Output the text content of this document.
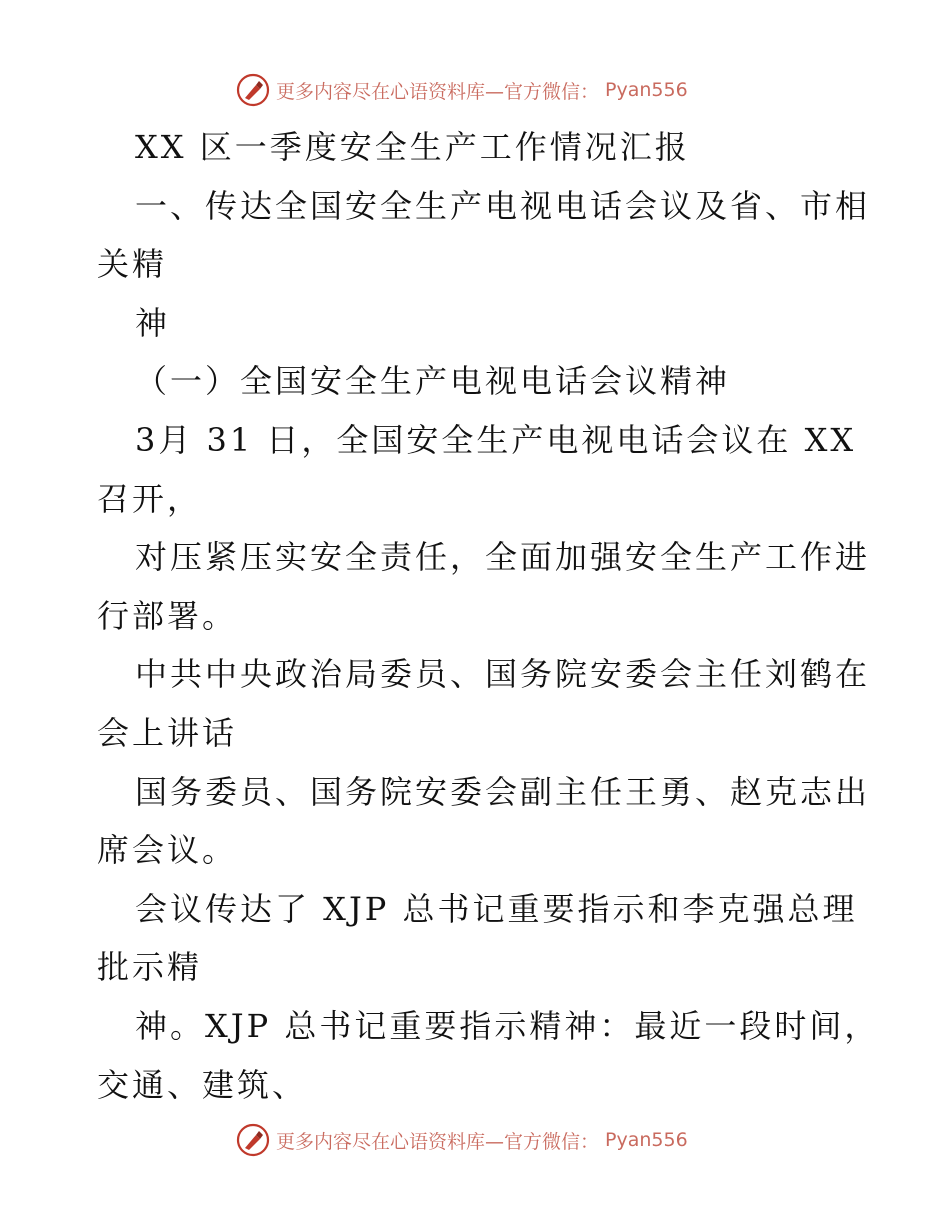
更多内容尽在心语资料库—官方微信： Pyan556

XX 区一季度安全生产工作情况汇报

一、传达全国安全生产电视电话会议及省、市相

关精

神

（一）全国安全生产电视电话会议精神

3月 31 日，全国安全生产电视电话会议在 XX

召开，

对压紧压实安全责任，全面加强安全生产工作进

行部署。

中共中央政治局委员、国务院安委会主任刘鹤在

会上讲话

国务委员、国务院安委会副主任王勇、赵克志出

席会议。

会议传达了 XJP 总书记重要指示和李克强总理

批示精

神。XJP 总书记重要指示精神：最近一段时间，

交通、建筑、

更多内容尽在心语资料库—官方微信： Pyan556
